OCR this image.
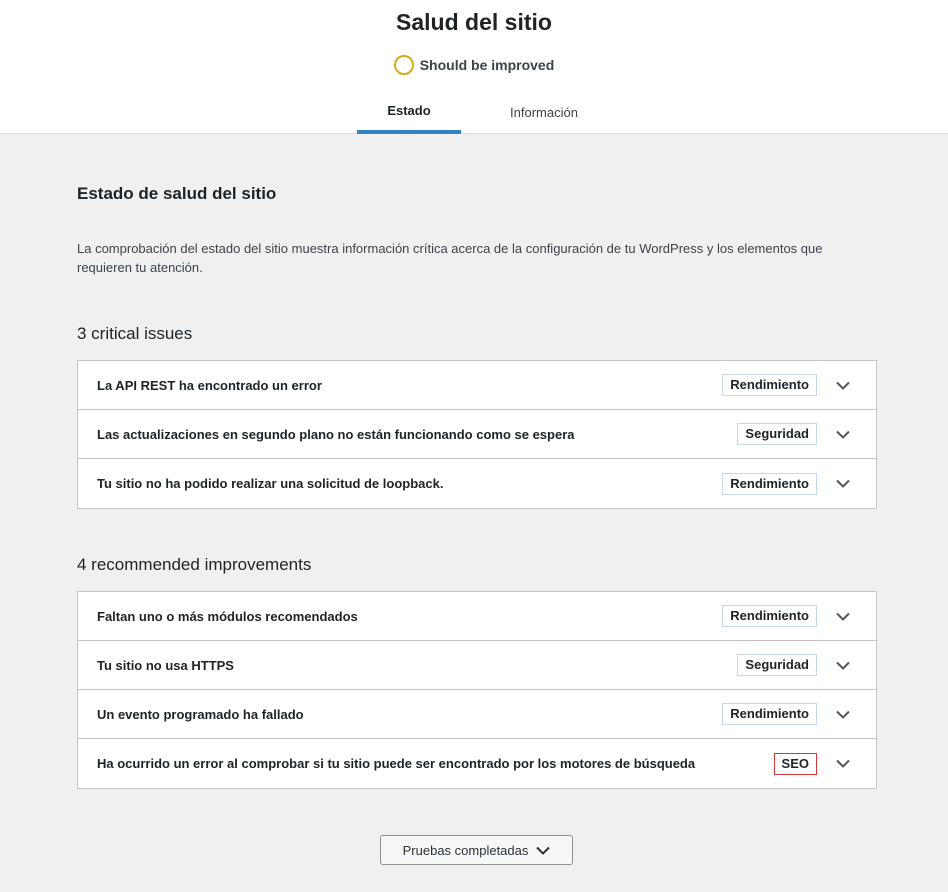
Salud del sitio
Should be improved
Estado	Información
Estado de salud del sitio
La comprobación del estado del sitio muestra información crítica acerca de la configuración de tu WordPress y los elementos que requieren tu atención.
3 critical issues
La API REST ha encontrado un error	Rendimiento
Las actualizaciones en segundo plano no están funcionando como se espera	Seguridad
Tu sitio no ha podido realizar una solicitud de loopback.	Rendimiento
4 recommended improvements
Faltan uno o más módulos recomendados	Rendimiento
Tu sitio no usa HTTPS	Seguridad
Un evento programado ha fallado	Rendimiento
Ha ocurrido un error al comprobar si tu sitio puede ser encontrado por los motores de búsqueda	SEO
Pruebas completadas
